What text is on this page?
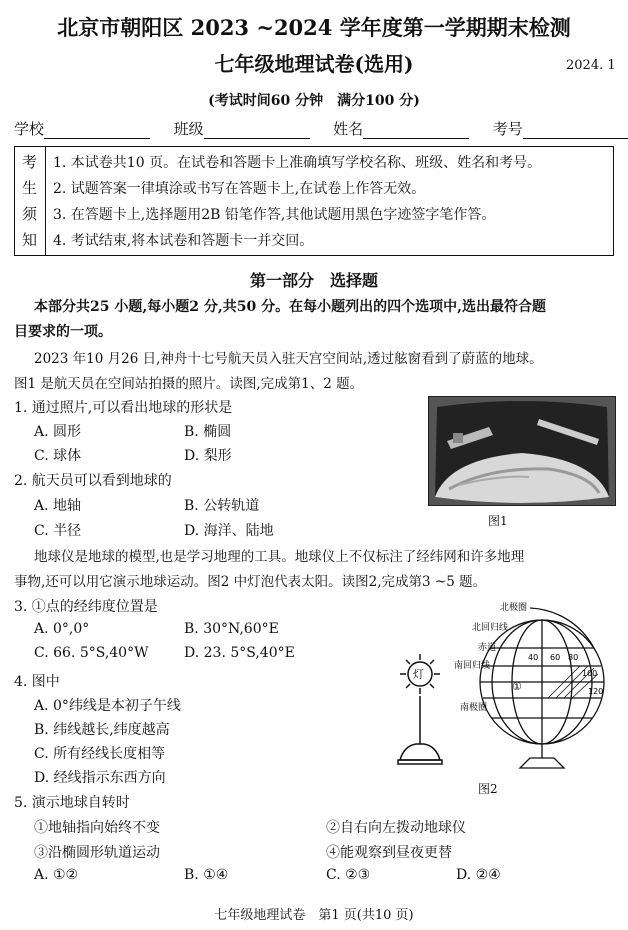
北京市朝阳区 2023 ~2024 学年度第一学期期末检测
七年级地理试卷(选用)	2024. 1
(考试时间60 分钟　满分100 分)
学校	班级	姓名	考号
考
生
须
知
1. 本试卷共10 页。在试卷和答题卡上准确填写学校名称、班级、姓名和考号。
2. 试题答案一律填涂或书写在答题卡上,在试卷上作答无效。
3. 在答题卡上,选择题用2B 铅笔作答,其他试题用黑色字迹签字笔作答。
4. 考试结束,将本试卷和答题卡一并交回。
第一部分　选择题
本部分共25 小题,每小题2 分,共50 分。在每小题列出的四个选项中,选出最符合题
目要求的一项。
2023 年10 月26 日,神舟十七号航天员入驻天宫空间站,透过舷窗看到了蔚蓝的地球。
图1 是航天员在空间站拍摄的照片。读图,完成第1、2 题。
1. 通过照片,可以看出地球的形状是
A. 圆形	B. 椭圆
C. 球体	D. 梨形
2. 航天员可以看到地球的
A. 地轴	B. 公转轨道
C. 半径	D. 海洋、陆地
图1
地球仪是地球的模型,也是学习地理的工具。地球仪上不仅标注了经纬网和许多地理
事物,还可以用它演示地球运动。图2 中灯泡代表太阳。读图2,完成第3 ~5 题。
3. ①点的经纬度位置是
A. 0°,0°	B. 30°N,60°E
C. 66. 5°S,40°W	D. 23. 5°S,40°E
4. 图中
A. 0°纬线是本初子午线
B. 纬线越长,纬度越高
C. 所有经线长度相等
D. 经线指示东西方向
灯
北极圈
北回归线
赤道
南回归线
南极圈
40 60 80
100
120
①
图2
5. 演示地球自转时
①地轴指向始终不变	②自右向左拨动地球仪
③沿椭圆形轨道运动	④能观察到昼夜更替
A. ①②	B. ①④	C. ②③	D. ②④
七年级地理试卷　第1 页(共10 页)
